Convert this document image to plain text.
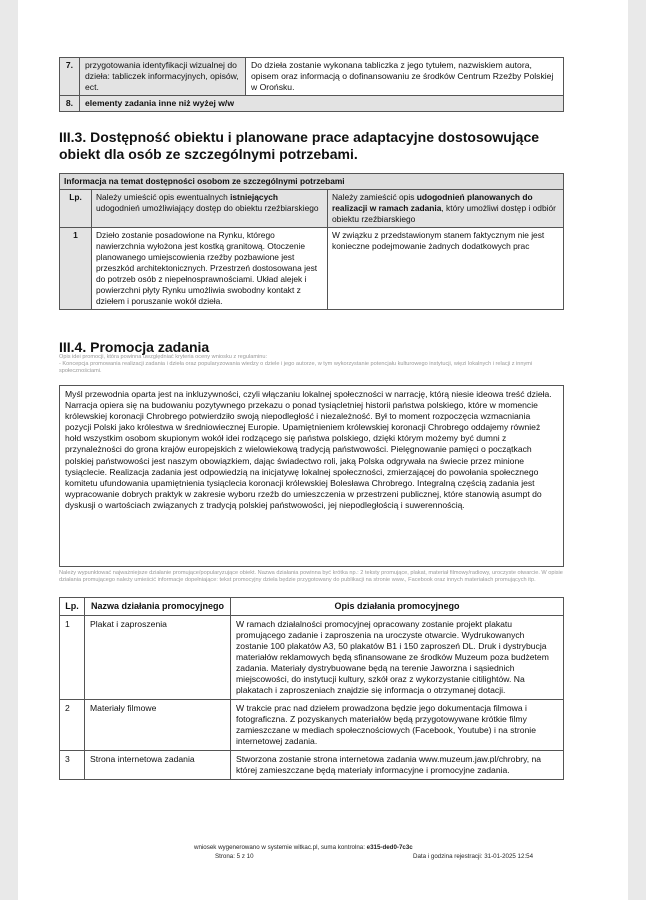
7.	przygotowania identyfikacji wizualnej do dzieła: tabliczek informacyjnych, opisów, ect.	Do dzieła zostanie wykonana tabliczka z jego tytułem, nazwiskiem autora, opisem oraz informacją o dofinansowaniu ze środków Centrum Rzeźby Polskiej w Orońsku.
8.	elementy zadania inne niż wyżej w/w	
III.3. Dostępność obiektu i planowane prace adaptacyjne dostosowujące obiekt dla osób ze szczególnymi potrzebami.
Informacja na temat dostępności osobom ze szczególnymi potrzebami		
Lp.	Należy umieścić opis ewentualnych istniejących udogodnień umożliwiający dostęp do obiektu rzeźbiarskiego	Należy zamieścić opis udogodnień planowanych do realizacji w ramach zadania, który umożliwi dostęp i odbiór obiektu rzeźbiarskiego
1	Dzieło zostanie posadowione na Rynku, którego nawierzchnia wyłożona jest kostką granitową. Otoczenie planowanego umiejscowienia rzeźby pozbawione jest przeszkód architektonicznych. Przestrzeń dostosowana jest do potrzeb osób z niepełnosprawnościami. Układ alejek i powierzchni płyty Rynku umożliwia swobodny kontakt z dziełem i poruszanie wokół dzieła.	W związku z przedstawionym stanem faktycznym nie jest konieczne podejmowanie żadnych dodatkowych prac
III.4. Promocja zadania
Opis idei promocji, która powinna uwzględniać kryteria oceny wniosku z regulaminu:
- Koncepcja promowania realizacji zadania i dzieła oraz popularyzowania wiedzy o dziele i jego autorze, w tym wykorzystanie potencjału kulturowego instytucji, więzi lokalnych i relacji z innymi społecznościami.
Myśl przewodnia oparta jest na inkluzywności, czyli włączaniu lokalnej społeczności w narrację, którą niesie ideowa treść dzieła. Narracja opiera się na budowaniu pozytywnego przekazu o ponad tysiącletniej historii państwa polskiego, które w momencie królewskiej koronacji Chrobrego potwierdziło swoją niepodległość i niezależność. Był to moment rozpoczęcia wzmacniania pozycji Polski jako królestwa w średniowiecznej Europie. Upamiętnieniem królewskiej koronacji Chrobrego oddajemy również hołd wszystkim osobom skupionym wokół idei rodzącego się państwa polskiego, dzięki którym możemy być dumni z przynależności do grona krajów europejskich z wielowiekową tradycją państwowości. Pielęgnowanie pamięci o początkach polskiej państwowości jest naszym obowiązkiem, dając świadectwo roli, jaką Polska odgrywała na świecie przez minione tysiąclecie. Realizacja zadania jest odpowiedzią na inicjatywę lokalnej społeczności, zmierzającej do powołania społecznego komitetu ufundowania upamiętnienia tysiąclecia koronacji królewskiej Bolesława Chrobrego. Integralną częścią zadania jest wypracowanie dobrych praktyk w zakresie wyboru rzeźb do umieszczenia w przestrzeni publicznej, które stanowią asumpt do dyskusji o wartościach związanych z tradycją polskiej państwowości, jej niepodległością i suwerennością.
Należy wypunktować najważniejsze działanie promujące/popularyzujące obiekt. Nazwa działania powinna być krótka np.: 2 teksty promujące, plakat, materiał filmowy/radiowy, uroczyste otwarcie. W opisie działania promującego należy umieścić informacje dopełniające: tekst promocyjny dzieła będzie przygotowany do publikacji na stronie www., Facebook oraz innych materiałach promujących itp.
Lp.	Nazwa działania promocyjnego	Opis działania promocyjnego
1	Plakat i zaproszenia	W ramach działalności promocyjnej opracowany zostanie projekt plakatu promującego zadanie i zaproszenia na uroczyste otwarcie. Wydrukowanych zostanie 100 plakatów A3, 50 plakatów B1 i 150 zaproszeń DL. Druk i dystrybucja materiałów reklamowych będą sfinansowane ze środków Muzeum poza budżetem zadania. Materiały dystrybuowane będą na terenie Jaworzna i sąsiednich miejscowości, do instytucji kultury, szkół oraz z wykorzystanie citilightów. Na plakatach i zaproszeniach znajdzie się informacja o otrzymanej dotacji.
2	Materiały filmowe	W trakcie prac nad dziełem prowadzona będzie jego dokumentacja filmowa i fotograficzna. Z pozyskanych materiałów będą przygotowywane krótkie filmy zamieszczane w mediach społecznościowych (Facebook, Youtube) i na stronie internetowej zadania.
3	Strona internetowa zadania	Stworzona zostanie strona internetowa zadania www.muzeum.jaw.pl/chrobry, na której zamieszczane będą materiały informacyjne i promocyjne zadania.
wniosek wygenerowano w systemie witkac.pl, suma kontrolna: e315-ded0-7c3c
Strona: 5 z 10	Data i godzina rejestracji: 31-01-2025 12:54
